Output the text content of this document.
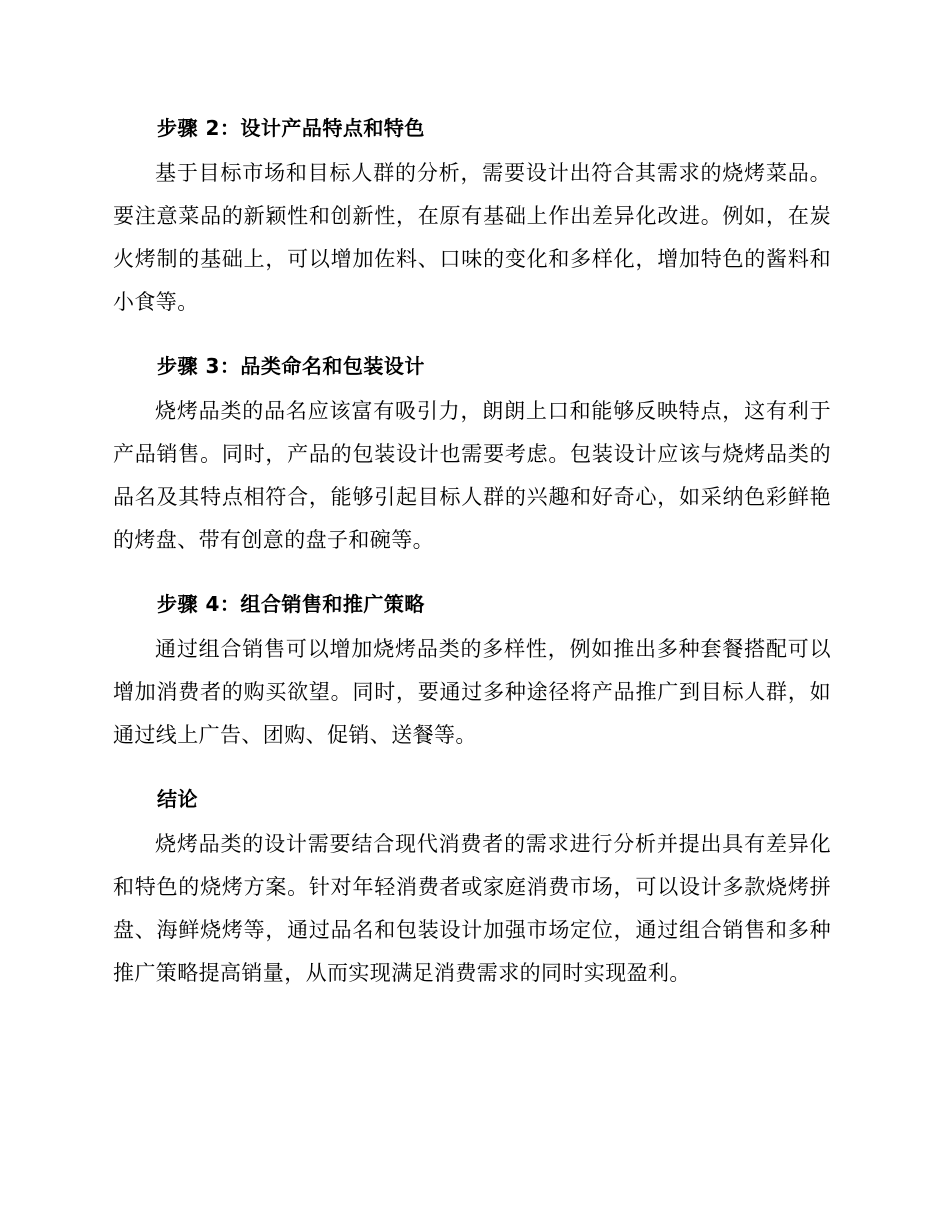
步骤 2：设计产品特点和特色

基于目标市场和目标人群的分析，需要设计出符合其需求的烧烤菜品。要注意菜品的新颖性和创新性，在原有基础上作出差异化改进。例如，在炭火烤制的基础上，可以增加佐料、口味的变化和多样化，增加特色的酱料和小食等。

步骤 3：品类命名和包装设计

烧烤品类的品名应该富有吸引力，朗朗上口和能够反映特点，这有利于产品销售。同时，产品的包装设计也需要考虑。包装设计应该与烧烤品类的品名及其特点相符合，能够引起目标人群的兴趣和好奇心，如采纳色彩鲜艳的烤盘、带有创意的盘子和碗等。

步骤 4：组合销售和推广策略

通过组合销售可以增加烧烤品类的多样性，例如推出多种套餐搭配可以增加消费者的购买欲望。同时，要通过多种途径将产品推广到目标人群，如通过线上广告、团购、促销、送餐等。

结论

烧烤品类的设计需要结合现代消费者的需求进行分析并提出具有差异化和特色的烧烤方案。针对年轻消费者或家庭消费市场，可以设计多款烧烤拼盘、海鲜烧烤等，通过品名和包装设计加强市场定位，通过组合销售和多种推广策略提高销量，从而实现满足消费需求的同时实现盈利。
